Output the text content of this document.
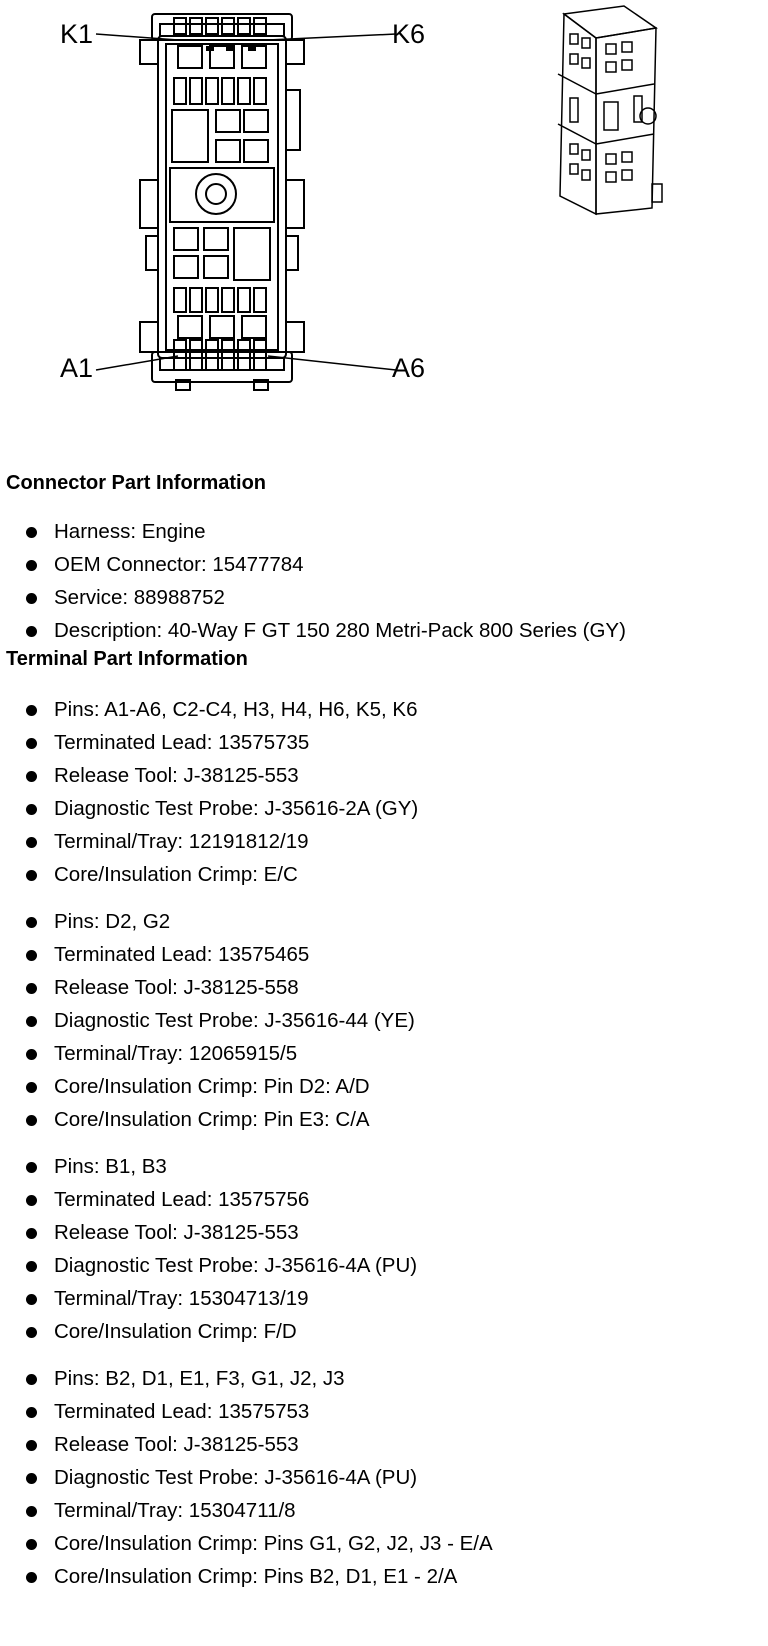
K1	K6
A1	A6
Connector Part Information
Harness: Engine
OEM Connector: 15477784
Service: 88988752
Description: 40-Way F GT 150 280 Metri-Pack 800 Series (GY)
Terminal Part Information
Pins: A1-A6, C2-C4, H3, H4, H6, K5, K6
Terminated Lead: 13575735
Release Tool: J-38125-553
Diagnostic Test Probe: J-35616-2A (GY)
Terminal/Tray: 12191812/19
Core/Insulation Crimp: E/C
Pins: D2, G2
Terminated Lead: 13575465
Release Tool: J-38125-558
Diagnostic Test Probe: J-35616-44 (YE)
Terminal/Tray: 12065915/5
Core/Insulation Crimp: Pin D2: A/D
Core/Insulation Crimp: Pin E3: C/A
Pins: B1, B3
Terminated Lead: 13575756
Release Tool: J-38125-553
Diagnostic Test Probe: J-35616-4A (PU)
Terminal/Tray: 15304713/19
Core/Insulation Crimp: F/D
Pins: B2, D1, E1, F3, G1, J2, J3
Terminated Lead: 13575753
Release Tool: J-38125-553
Diagnostic Test Probe: J-35616-4A (PU)
Terminal/Tray: 15304711/8
Core/Insulation Crimp: Pins G1, G2, J2, J3 - E/A
Core/Insulation Crimp: Pins B2, D1, E1 - 2/A
